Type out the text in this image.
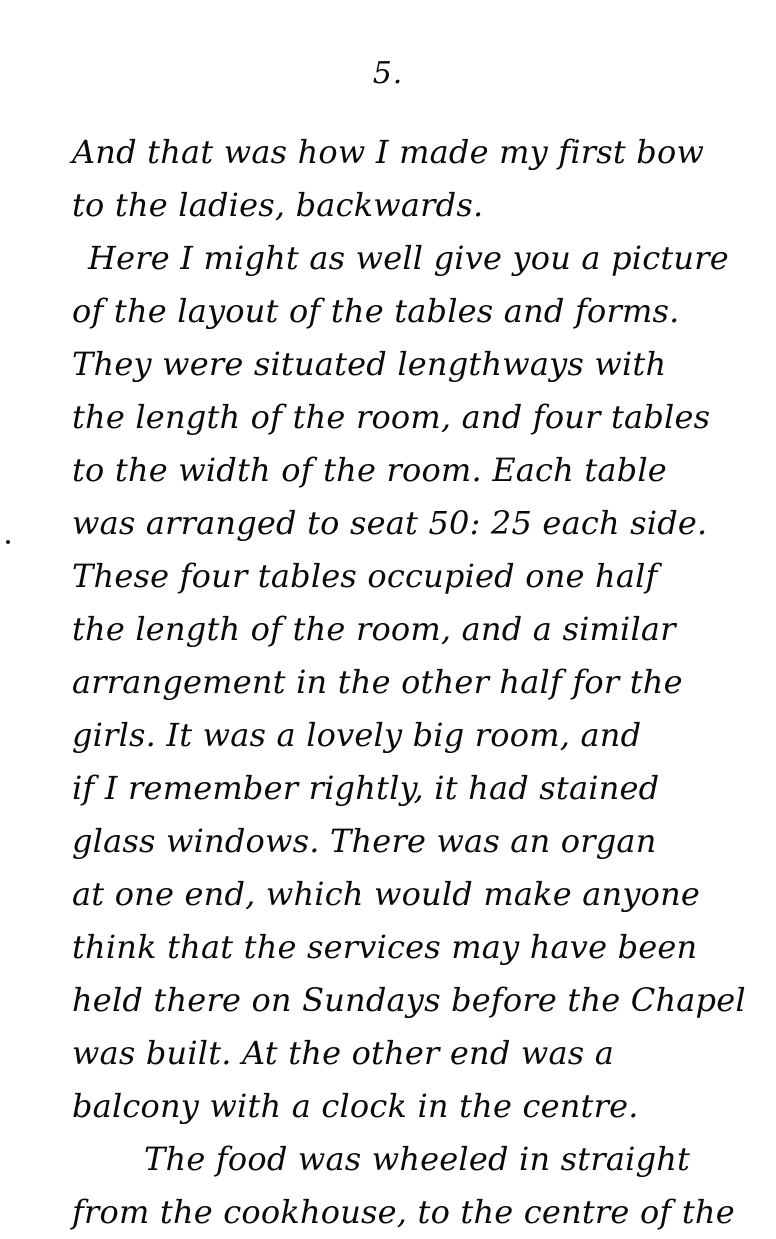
5.
And that was how I made my first bow
to the ladies, backwards.
Here I might as well give you a picture
of the layout of the tables and forms.
They were situated lengthways with
the length of the room, and four tables
to the width of the room. Each table
was arranged to seat 50: 25 each side.
These four tables occupied one half
the length of the room, and a similar
arrangement in the other half for the
girls. It was a lovely big room, and
if I remember rightly, it had stained
glass windows. There was an organ
at one end, which would make anyone
think that the services may have been
held there on Sundays before the Chapel
was built. At the other end was a
balcony with a clock in the centre.
The food was wheeled in straight
from the cookhouse, to the centre of the
